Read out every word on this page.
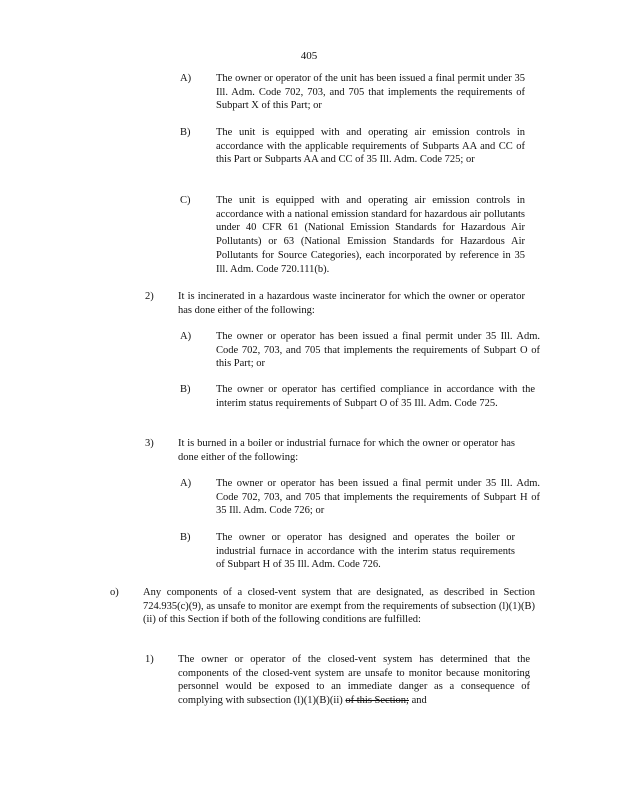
405
A) The owner or operator of the unit has been issued a final permit under 35 Ill. Adm. Code 702, 703, and 705 that implements the requirements of Subpart X of this Part; or
B) The unit is equipped with and operating air emission controls in accordance with the applicable requirements of Subparts AA and CC of this Part or Subparts AA and CC of 35 Ill. Adm. Code 725; or
C) The unit is equipped with and operating air emission controls in accordance with a national emission standard for hazardous air pollutants under 40 CFR 61 (National Emission Standards for Hazardous Air Pollutants) or 63 (National Emission Standards for Hazardous Air Pollutants for Source Categories), each incorporated by reference in 35 Ill. Adm. Code 720.111(b).
2) It is incinerated in a hazardous waste incinerator for which the owner or operator has done either of the following:
A) The owner or operator has been issued a final permit under 35 Ill. Adm. Code 702, 703, and 705 that implements the requirements of Subpart O of this Part; or
B) The owner or operator has certified compliance in accordance with the interim status requirements of Subpart O of 35 Ill. Adm. Code 725.
3) It is burned in a boiler or industrial furnace for which the owner or operator has done either of the following:
A) The owner or operator has been issued a final permit under 35 Ill. Adm. Code 702, 703, and 705 that implements the requirements of Subpart H of 35 Ill. Adm. Code 726; or
B) The owner or operator has designed and operates the boiler or industrial furnace in accordance with the interim status requirements of Subpart H of 35 Ill. Adm. Code 726.
o) Any components of a closed-vent system that are designated, as described in Section 724.935(c)(9), as unsafe to monitor are exempt from the requirements of subsection (l)(1)(B)(ii) of this Section if both of the following conditions are fulfilled:
1) The owner or operator of the closed-vent system has determined that the components of the closed-vent system are unsafe to monitor because monitoring personnel would be exposed to an immediate danger as a consequence of complying with subsection (l)(1)(B)(ii) of this Section; and
